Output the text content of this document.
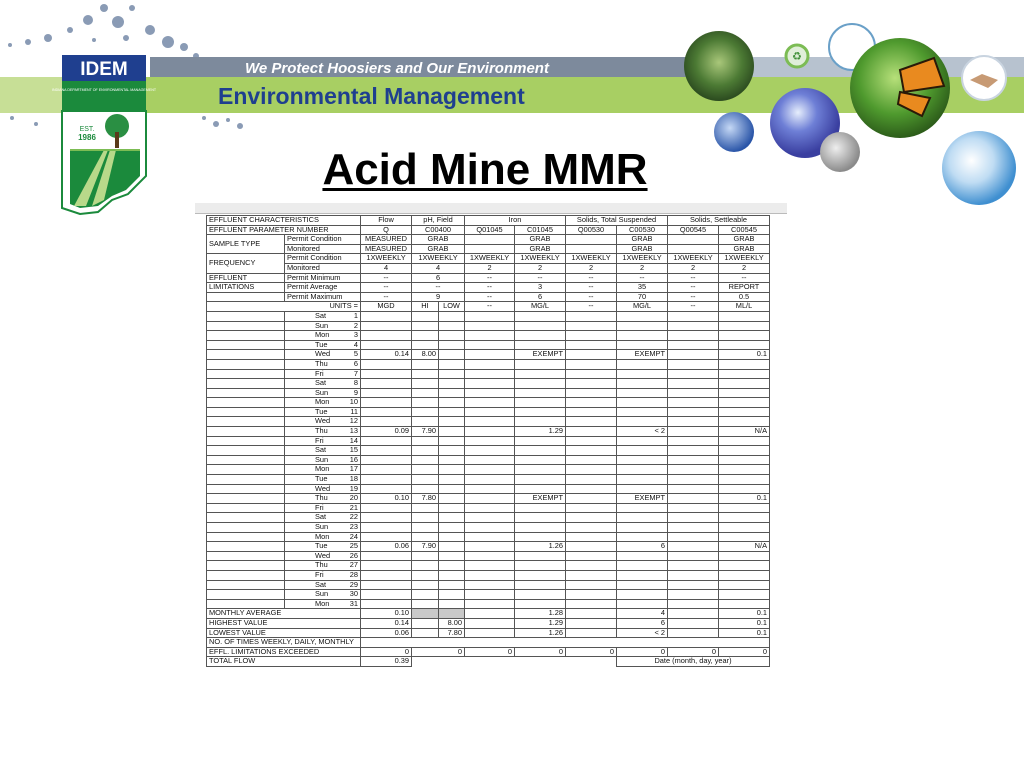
IDEM
INDIANA DEPARTMENT OF ENVIRONMENTAL MANAGEMENT
EST.
1986
We Protect Hoosiers and Our Environment
Environmental Management
♻
Acid Mine MMR
EFFLUENT CHARACTERISTICS		Flow	pH, Field		Iron		Solids, Total Suspended		Solids, Settleable	
EFFLUENT PARAMETER NUMBER		Q	C00400		Q01045	C01045	Q00530	C00530	Q00545	C00545
SAMPLE TYPE	Permit Condition	MEASURED	GRAB			GRAB		GRAB		GRAB
	Monitored	MEASURED	GRAB			GRAB		GRAB		GRAB
FREQUENCY	Permit Condition	1XWEEKLY	1XWEEKLY		1XWEEKLY	1XWEEKLY	1XWEEKLY	1XWEEKLY	1XWEEKLY	1XWEEKLY
	Monitored	4	4		2	2	2	2	2	2
EFFLUENT	Permit Minimum	--	6		--	--	--	--	--	--
LIMITATIONS	Permit Average	--	--		--	3	--	35	--	REPORT
	Permit Maximum	--	9		--	6	--	70	--	0.5
UNITS =		MGD	HI	LOW	--	MG/L	--	MG/L	--	ML/L
	Sat 1									

	Sun 2									

	Mon 3									

	Tue 4									

	Wed 5	0.14	8.00			EXEMPT		EXEMPT		0.1
	Thu 6									

	Fri 7									

	Sat 8									

	Sun 9									

	Mon 10									

	Tue 11									

	Wed 12									

	Thu 13	0.09	7.90			1.29		< 2		N/A
	Fri 14									

	Sat 15									

	Sun 16									

	Mon 17									

	Tue 18									

	Wed 19									

	Thu 20	0.10	7.80			EXEMPT		EXEMPT		0.1
	Fri 21									

	Sat 22									

	Sun 23									

	Mon 24									

	Tue 25	0.06	7.90			1.26		6		N/A
	Wed 26									

	Thu 27									

	Fri 28									

	Sat 29									

	Sun 30									

	Mon 31									

MONTHLY AVERAGE		0.10				1.28		4		0.1
HIGHEST VALUE		0.14		8.00		1.29		6		0.1
LOWEST VALUE		0.06		7.80		1.26		< 2		0.1
NO. OF TIMES WEEKLY, DAILY, MONTHLY										
EFFL. LIMITATIONS EXCEEDED		0	0		0	0	0	0	0	0
TOTAL FLOW		0.39						Date (month, day, year)		
